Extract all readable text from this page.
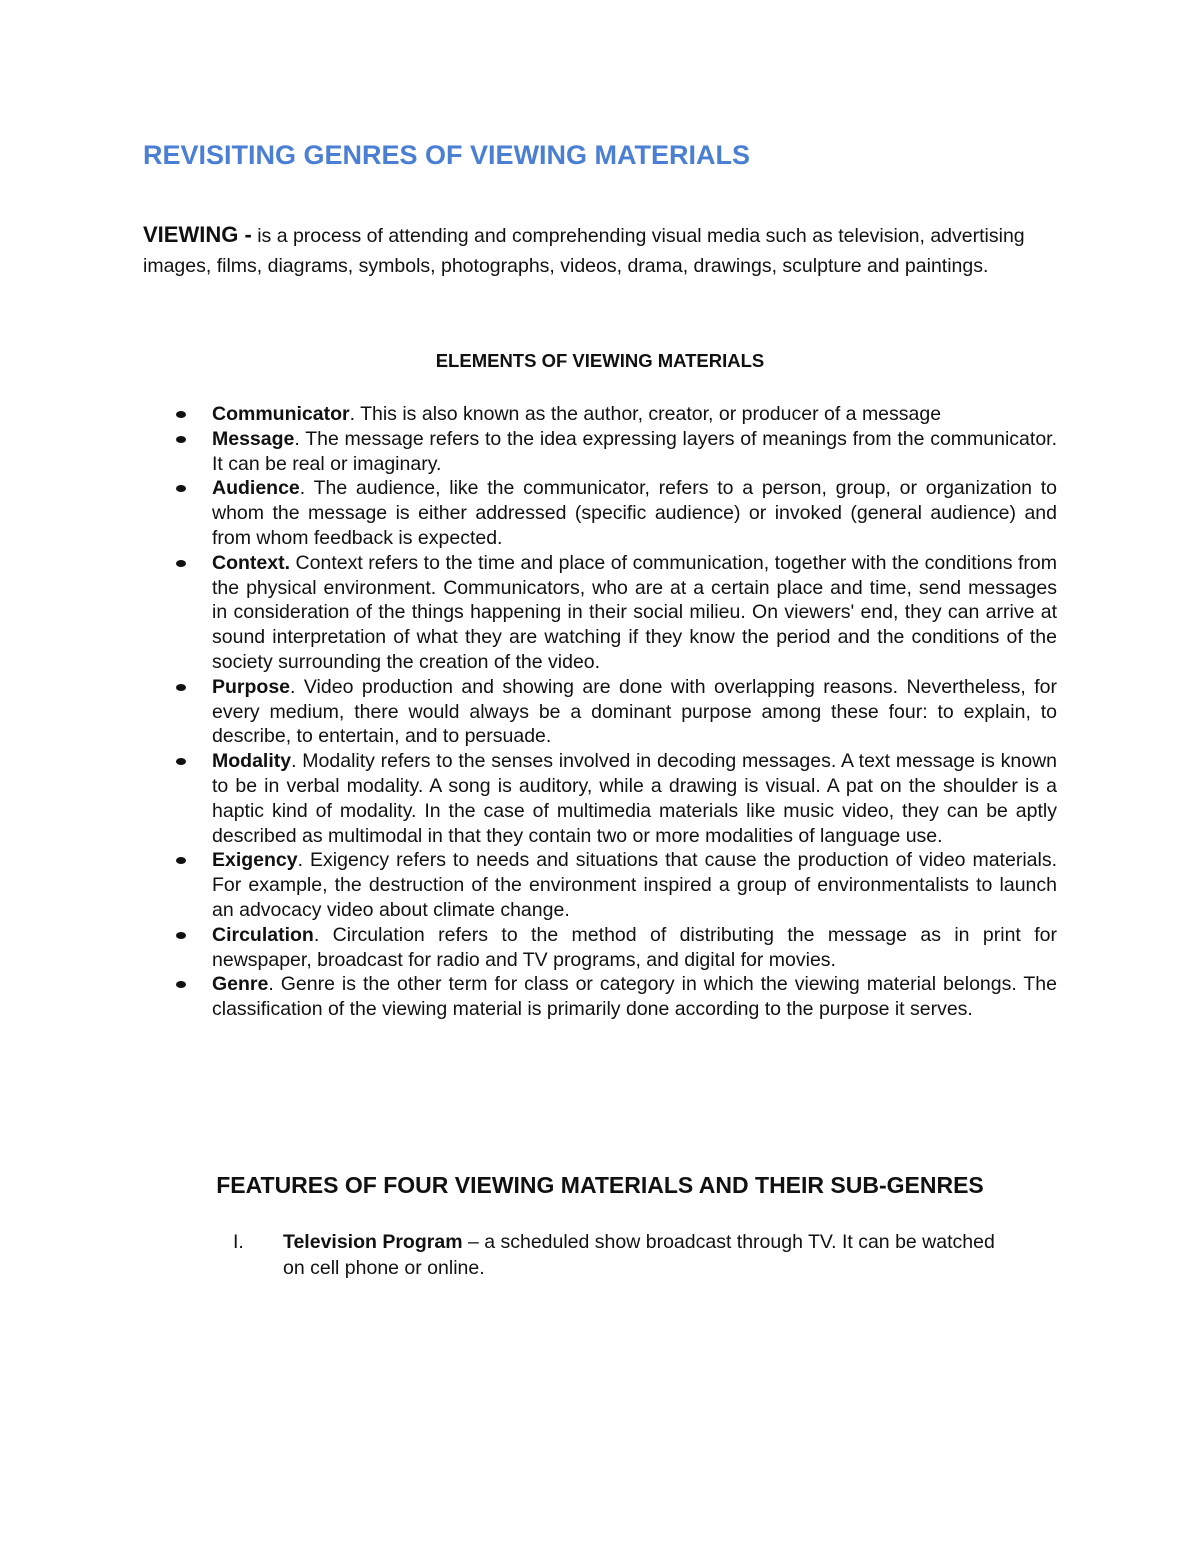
REVISITING GENRES OF VIEWING MATERIALS

VIEWING - is a process of attending and comprehending visual media such as television, advertising images, films, diagrams, symbols, photographs, videos, drama, drawings, sculpture and paintings.

ELEMENTS OF VIEWING MATERIALS
Communicator. This is also known as the author, creator, or producer of a message
Message. The message refers to the idea expressing layers of meanings from the communicator. It can be real or imaginary.
Audience. The audience, like the communicator, refers to a person, group, or organization to whom the message is either addressed (specific audience) or invoked (general audience) and from whom feedback is expected.
Context. Context refers to the time and place of communication, together with the conditions from the physical environment. Communicators, who are at a certain place and time, send messages in consideration of the things happening in their social milieu. On viewers' end, they can arrive at sound interpretation of what they are watching if they know the period and the conditions of the society surrounding the creation of the video.
Purpose. Video production and showing are done with overlapping reasons. Nevertheless, for every medium, there would always be a dominant purpose among these four: to explain, to describe, to entertain, and to persuade.
Modality. Modality refers to the senses involved in decoding messages. A text message is known to be in verbal modality. A song is auditory, while a drawing is visual. A pat on the shoulder is a haptic kind of modality. In the case of multimedia materials like music video, they can be aptly described as multimodal in that they contain two or more modalities of language use.
Exigency. Exigency refers to needs and situations that cause the production of video materials. For example, the destruction of the environment inspired a group of environmentalists to launch an advocacy video about climate change.
Circulation. Circulation refers to the method of distributing the message as in print for newspaper, broadcast for radio and TV programs, and digital for movies.
Genre. Genre is the other term for class or category in which the viewing material belongs. The classification of the viewing material is primarily done according to the purpose it serves.
FEATURES OF FOUR VIEWING MATERIALS AND THEIR SUB-GENRES
I. Television Program – a scheduled show broadcast through TV. It can be watched on cell phone or online.
